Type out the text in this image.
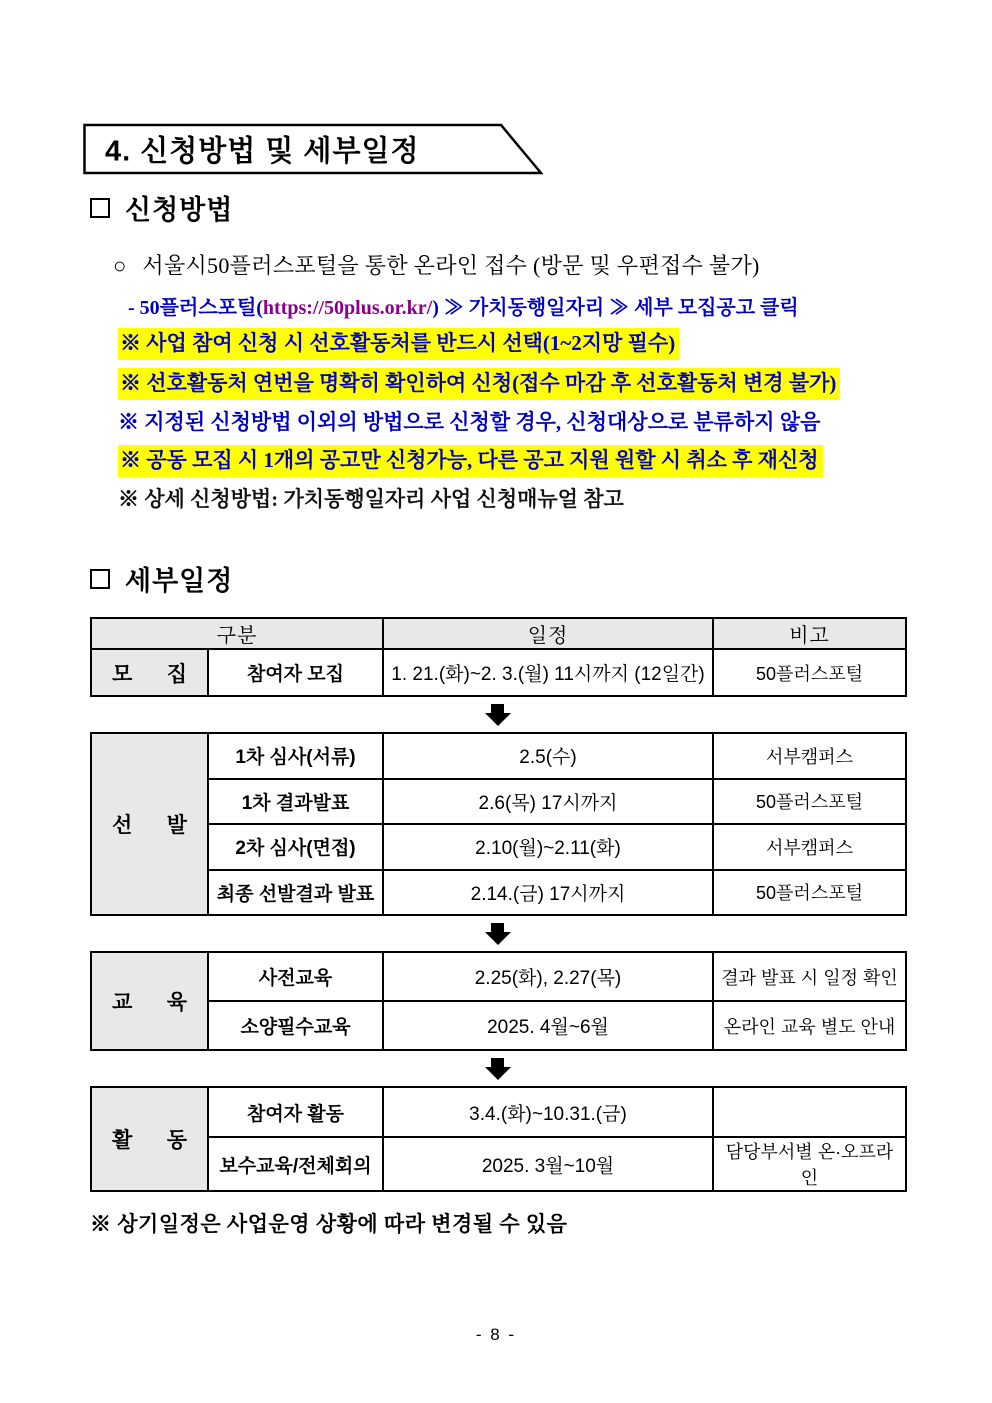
4. 신청방법 및 세부일정
신청방법
○ 서울시50플러스포털을 통한 온라인 접수 (방문 및 우편접수 불가)
- 50플러스포털(https://50plus.or.kr/) ≫ 가치동행일자리 ≫ 세부 모집공고 클릭
※ 사업 참여 신청 시 선호활동처를 반드시 선택(1~2지망 필수)
※ 선호활동처 연번을 명확히 확인하여 신청(접수 마감 후 선호활동처 변경 불가)
※ 지정된 신청방법 이외의 방법으로 신청할 경우, 신청대상으로 분류하지 않음
※ 공동 모집 시 1개의 공고만 신청가능, 다른 공고 지원 원할 시 취소 후 재신청
※ 상세 신청방법: 가치동행일자리 사업 신청매뉴얼 참고
세부일정
구분		일정	비고
모 집	참여자 모집	1. 21.(화)~2. 3.(월) 11시까지 (12일간)	50플러스포털
선 발	1차 심사(서류)	2.5(수)	서부캠퍼스
	1차 결과발표	2.6(목) 17시까지	50플러스포털
	2차 심사(면접)	2.10(월)~2.11(화)	서부캠퍼스
	최종 선발결과 발표	2.14.(금) 17시까지	50플러스포털
교 육	사전교육	2.25(화), 2.27(목)	결과 발표 시 일정 확인
	소양필수교육	2025. 4월~6월	온라인 교육 별도 안내
활 동	참여자 활동	3.4.(화)~10.31.(금)	
	보수교육/전체회의	2025. 3월~10월	담당부서별 온·오프라인
※ 상기일정은 사업운영 상황에 따라 변경될 수 있음
- 8 -
